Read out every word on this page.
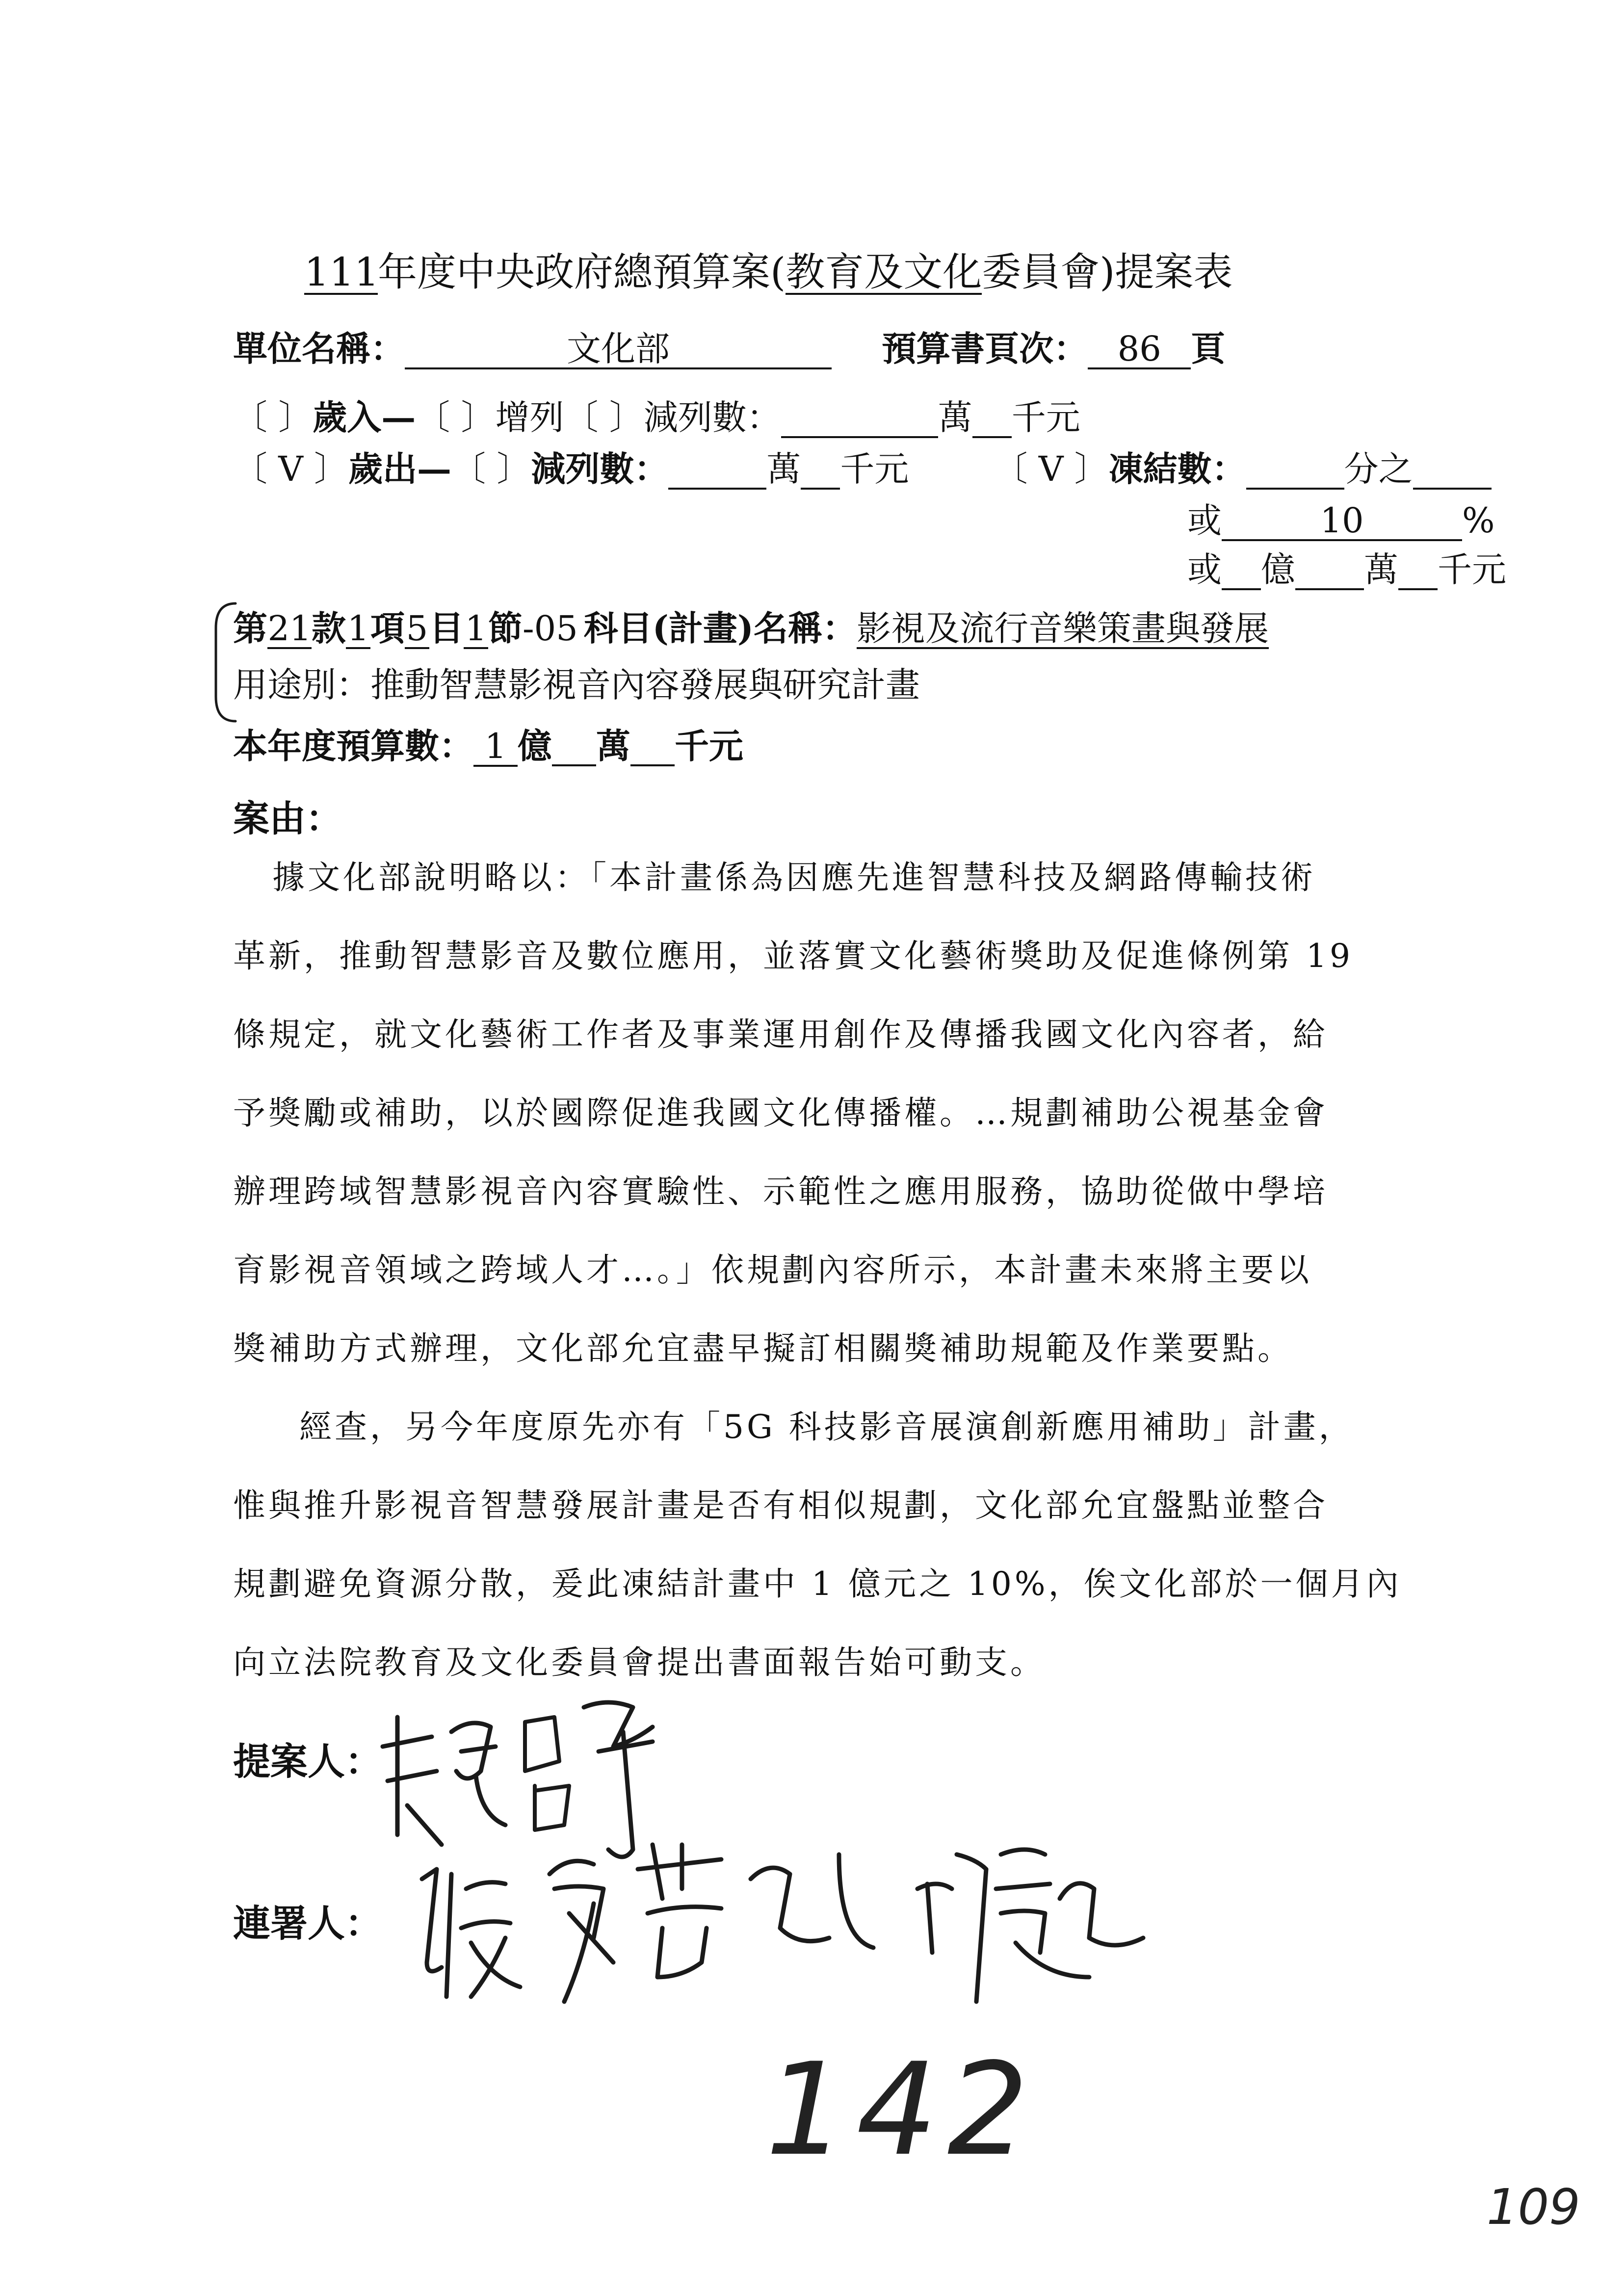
111年度中央政府總預算案(教育及文化委員會)提案表
單位名稱：	文化部	預算書頁次： 86 頁
〔 〕歲入—〔 〕增列〔 〕減列數：	萬 千元
〔 V 〕歲出—〔 〕減列數：	萬 千元 〔 V 〕凍結數：	分之
或	10	%
或 億 萬 千元
第21款1項5目1節-05 科目(計畫)名稱：影視及流行音樂策畫與發展
用途別：推動智慧影視音內容發展與研究計畫
本年度預算數： 1 億 萬 千元
案由：
據文化部說明略以：「本計畫係為因應先進智慧科技及網路傳輸技術
革新，推動智慧影音及數位應用，並落實文化藝術獎助及促進條例第 19
條規定，就文化藝術工作者及事業運用創作及傳播我國文化內容者，給
予獎勵或補助，以於國際促進我國文化傳播權。…規劃補助公視基金會
辦理跨域智慧影視音內容實驗性、示範性之應用服務，協助從做中學培
育影視音領域之跨域人才…。」依規劃內容所示，本計畫未來將主要以
獎補助方式辦理，文化部允宜盡早擬訂相關獎補助規範及作業要點。
經查，另今年度原先亦有「5G 科技影音展演創新應用補助」計畫，
惟與推升影視音智慧發展計畫是否有相似規劃，文化部允宜盤點並整合
規劃避免資源分散，爰此凍結計畫中 1 億元之 10%，俟文化部於一個月內
向立法院教育及文化委員會提出書面報告始可動支。
提案人：
連署人：
142
109
